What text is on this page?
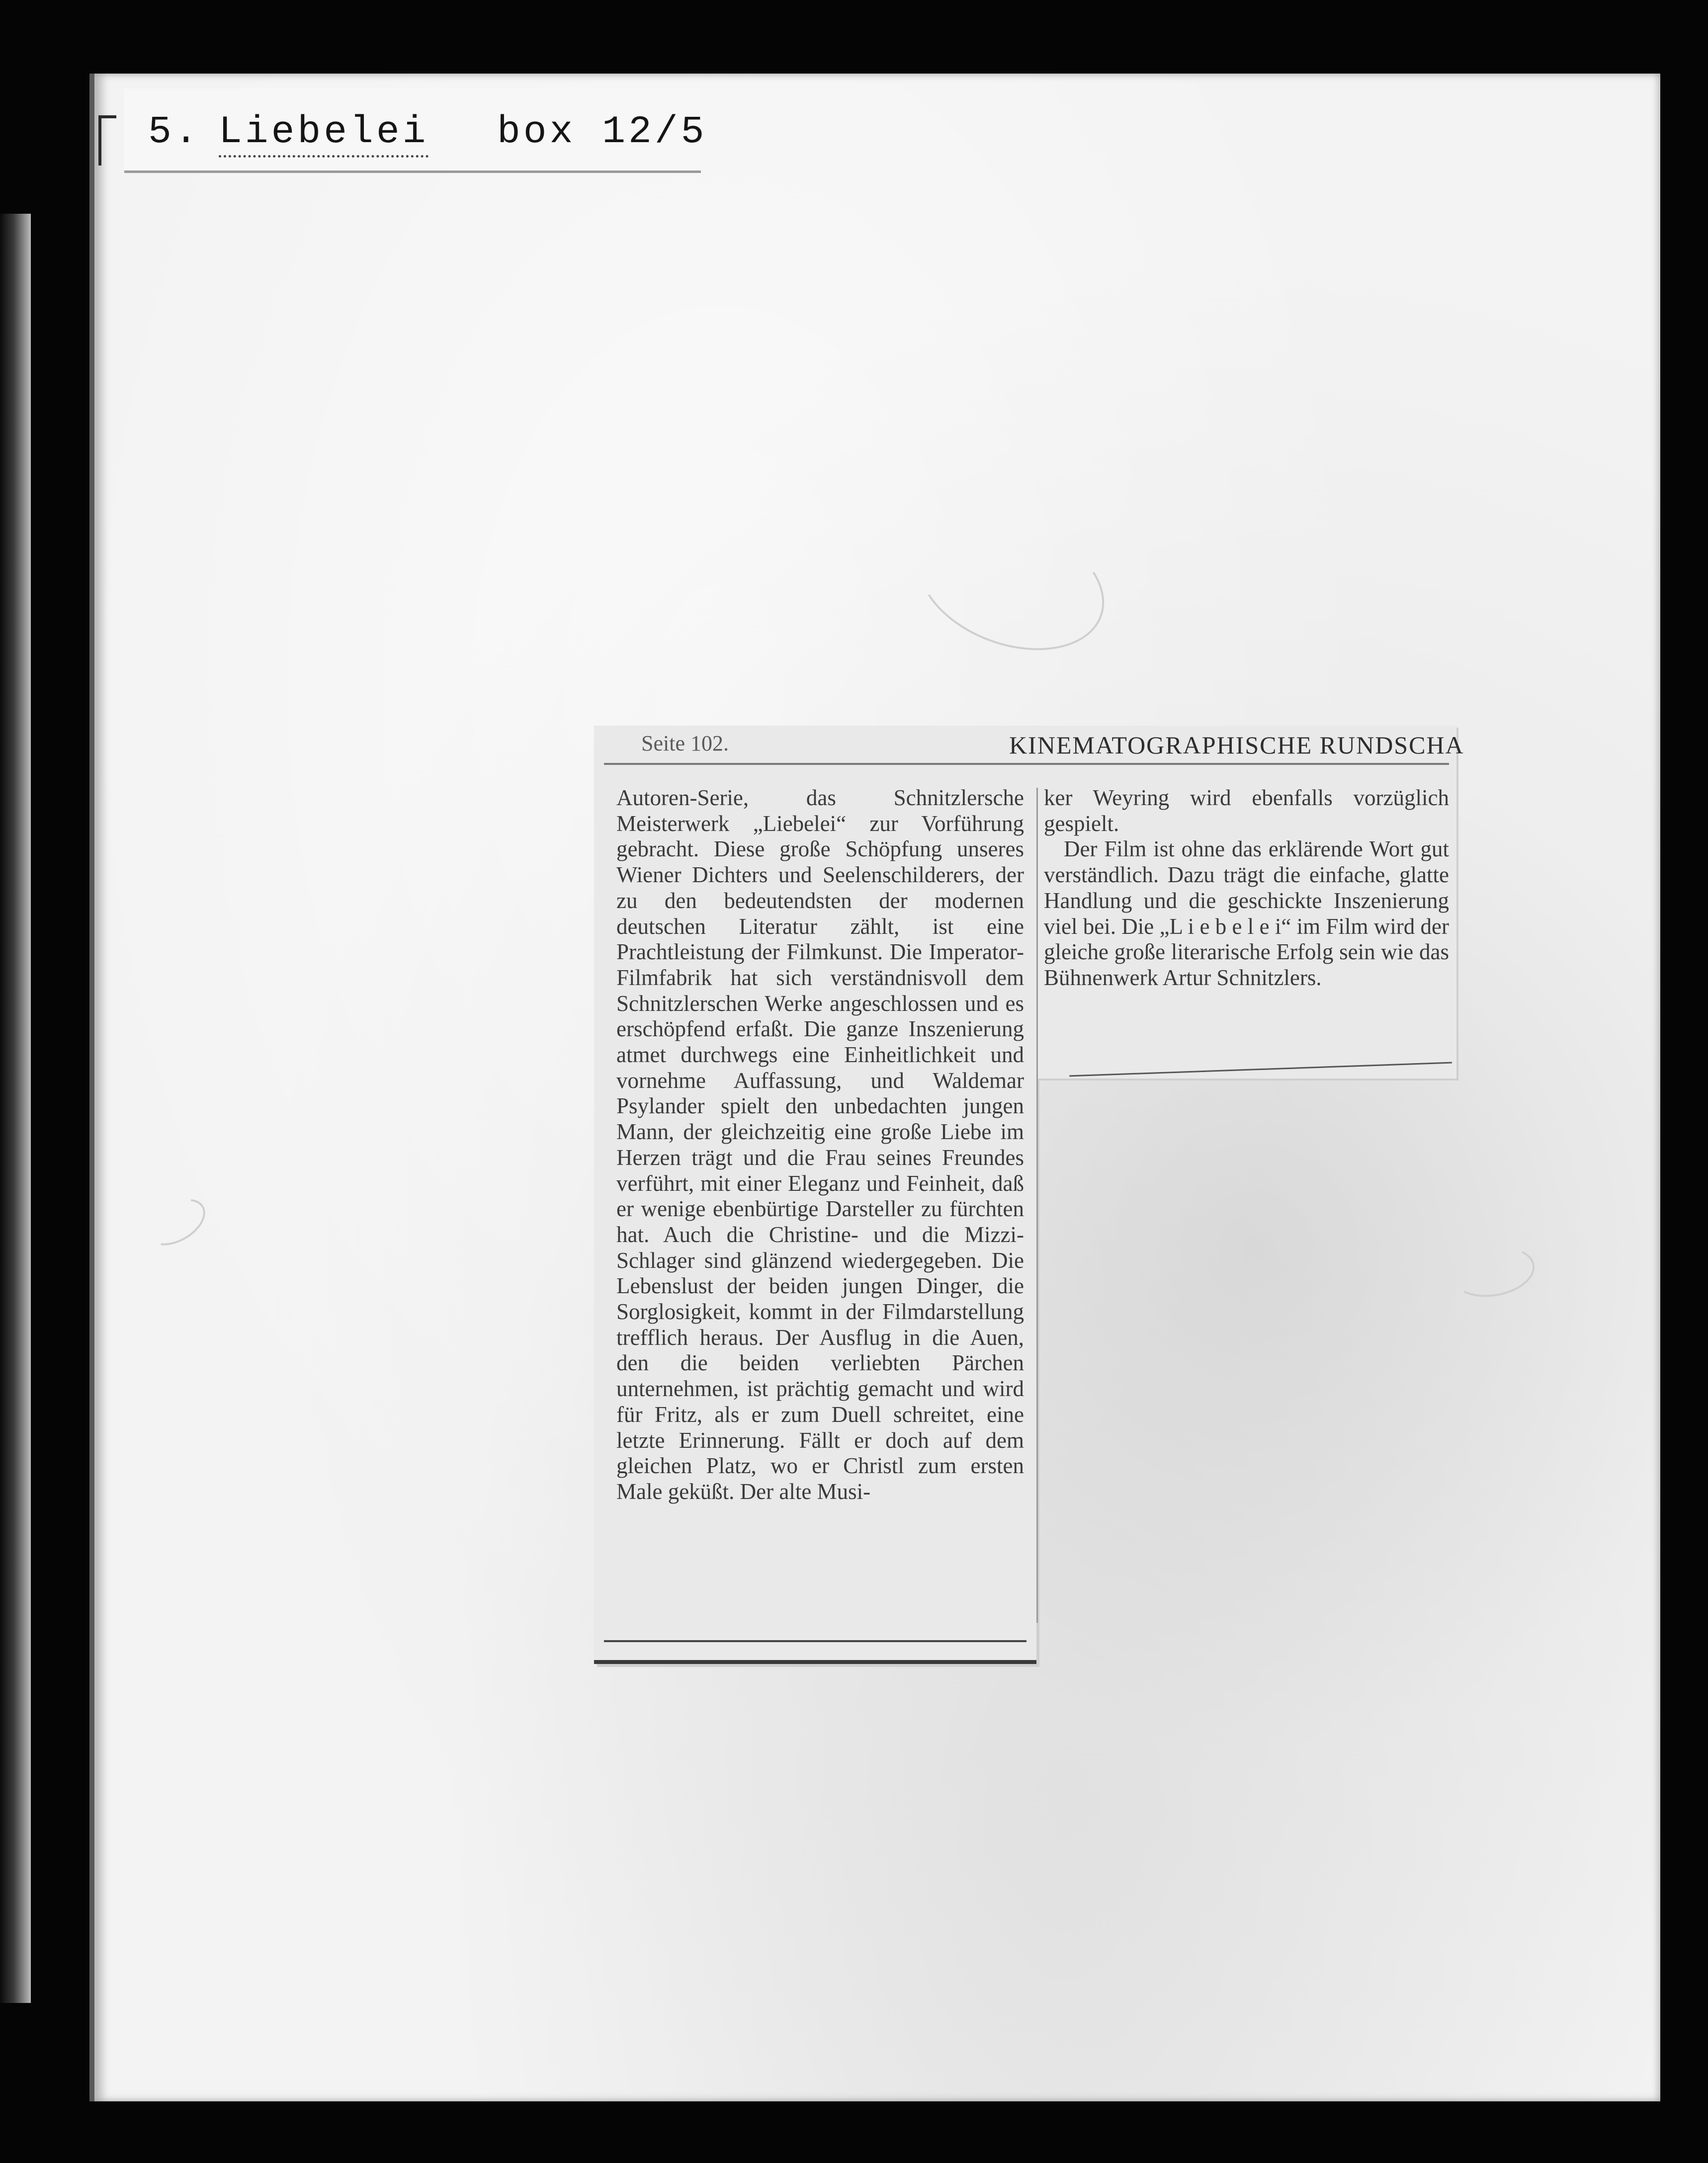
5. Liebelei box 12/5
Seite 102.	KINEMATOGRAPHISCHE RUNDSCHA

Autoren-Serie, das Schnitzlersche Meisterwerk „Liebelei“ zur Vorführung gebracht. Diese große Schöpfung unseres Wiener Dichters und Seelenschilderers, der zu den bedeutendsten der modernen deutschen Literatur zählt, ist eine Prachtleistung der Filmkunst. Die Imperator-Filmfabrik hat sich verständnisvoll dem Schnitzlerschen Werke angeschlossen und es erschöpfend erfaßt. Die ganze Inszenierung atmet durchwegs eine Einheitlichkeit und vornehme Auffassung, und Waldemar Psylander spielt den unbedachten jungen Mann, der gleichzeitig eine große Liebe im Herzen trägt und die Frau seines Freundes verführt, mit einer Eleganz und Feinheit, daß er wenige ebenbürtige Darsteller zu fürchten hat. Auch die Christine- und die Mizzi-Schlager sind glänzend wiedergegeben. Die Lebenslust der beiden jungen Dinger, die Sorglosigkeit, kommt in der Filmdarstellung trefflich heraus. Der Ausflug in die Auen, den die beiden verliebten Pärchen unternehmen, ist prächtig gemacht und wird für Fritz, als er zum Duell schreitet, eine letzte Erinnerung. Fällt er doch auf dem gleichen Platz, wo er Christl zum ersten Male geküßt. Der alte Musi-

ker Weyring wird ebenfalls vorzüglich gespielt.

Der Film ist ohne das erklärende Wort gut verständlich. Dazu trägt die einfache, glatte Handlung und die geschickte Inszenierung viel bei. Die „L i e b e l e i“ im Film wird der gleiche große literarische Erfolg sein wie das Bühnenwerk Artur Schnitzlers.
